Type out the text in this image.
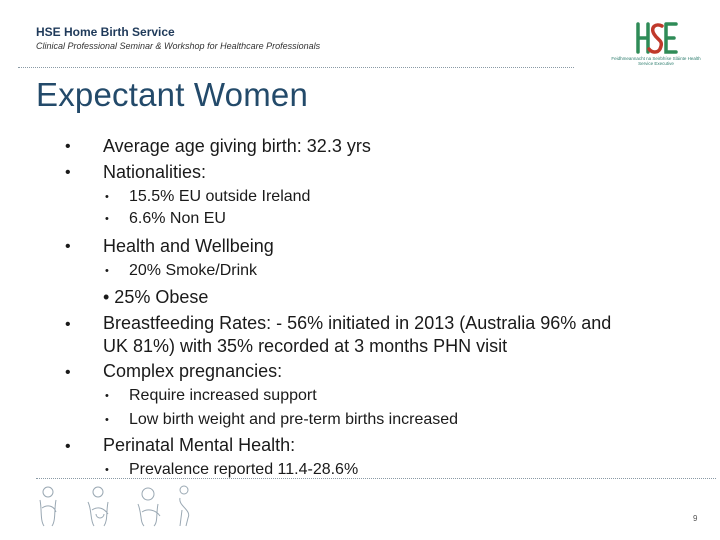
HSE Home Birth Service
Clinical Professional Seminar & Workshop for Healthcare Professionals
Feidhmeannacht na Seirbhíse Sláinte Health Service Executive
Expectant Women
• Average age giving birth: 32.3 yrs
• Nationalities:
• 15.5% EU outside Ireland
• 6.6% Non EU
• Health and Wellbeing
• 20% Smoke/Drink
• 25% Obese
• Breastfeeding Rates: - 56% initiated in 2013 (Australia 96% and
UK 81%) with 35% recorded at 3 months PHN visit
• Complex pregnancies:
• Require increased support
• Low birth weight and pre-term births increased
• Perinatal Mental Health:
• Prevalence reported 11.4-28.6%
9
